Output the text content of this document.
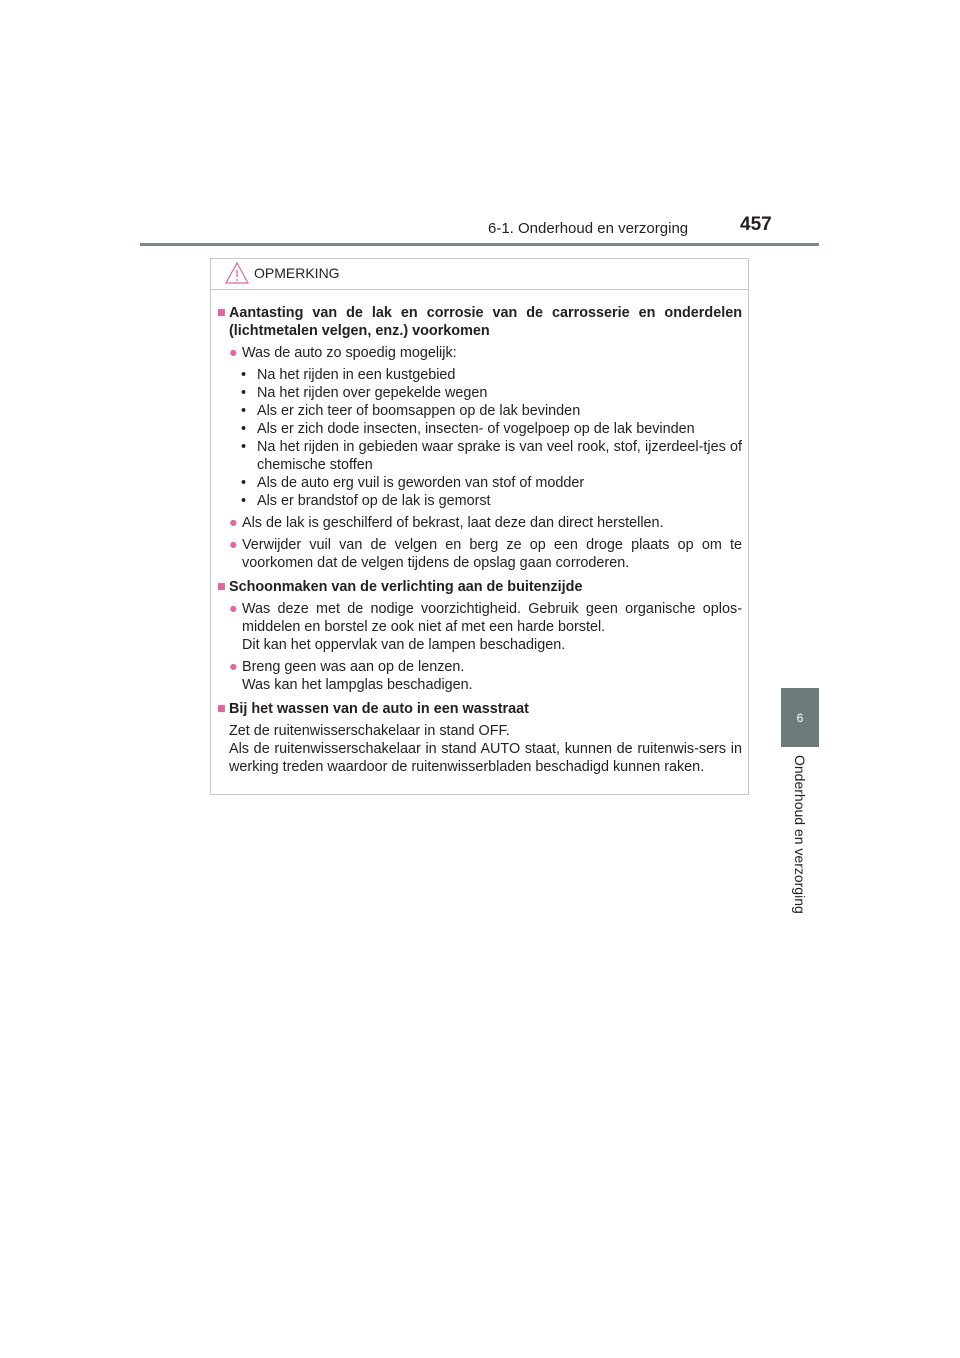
6-1. Onderhoud en verzorging	457
6
Onderhoud en verzorging
OPMERKING
■ Aantasting van de lak en corrosie van de carrosserie en onderdelen (lichtmetalen velgen, enz.) voorkomen
● Was de auto zo spoedig mogelijk:
• Na het rijden in een kustgebied
• Na het rijden over gepekelde wegen
• Als er zich teer of boomsappen op de lak bevinden
• Als er zich dode insecten, insecten- of vogelpoep op de lak bevinden
• Na het rijden in gebieden waar sprake is van veel rook, stof, ijzerdeel-tjes of chemische stoffen
• Als de auto erg vuil is geworden van stof of modder
• Als er brandstof op de lak is gemorst
● Als de lak is geschilferd of bekrast, laat deze dan direct herstellen.
● Verwijder vuil van de velgen en berg ze op een droge plaats op om te voorkomen dat de velgen tijdens de opslag gaan corroderen.
■ Schoonmaken van de verlichting aan de buitenzijde
● Was deze met de nodige voorzichtigheid. Gebruik geen organische oplos-middelen en borstel ze ook niet af met een harde borstel.
Dit kan het oppervlak van de lampen beschadigen.
● Breng geen was aan op de lenzen.
Was kan het lampglas beschadigen.
■ Bij het wassen van de auto in een wasstraat
Zet de ruitenwisserschakelaar in stand OFF.
Als de ruitenwisserschakelaar in stand AUTO staat, kunnen de ruitenwis-sers in werking treden waardoor de ruitenwisserbladen beschadigd kunnen raken.
